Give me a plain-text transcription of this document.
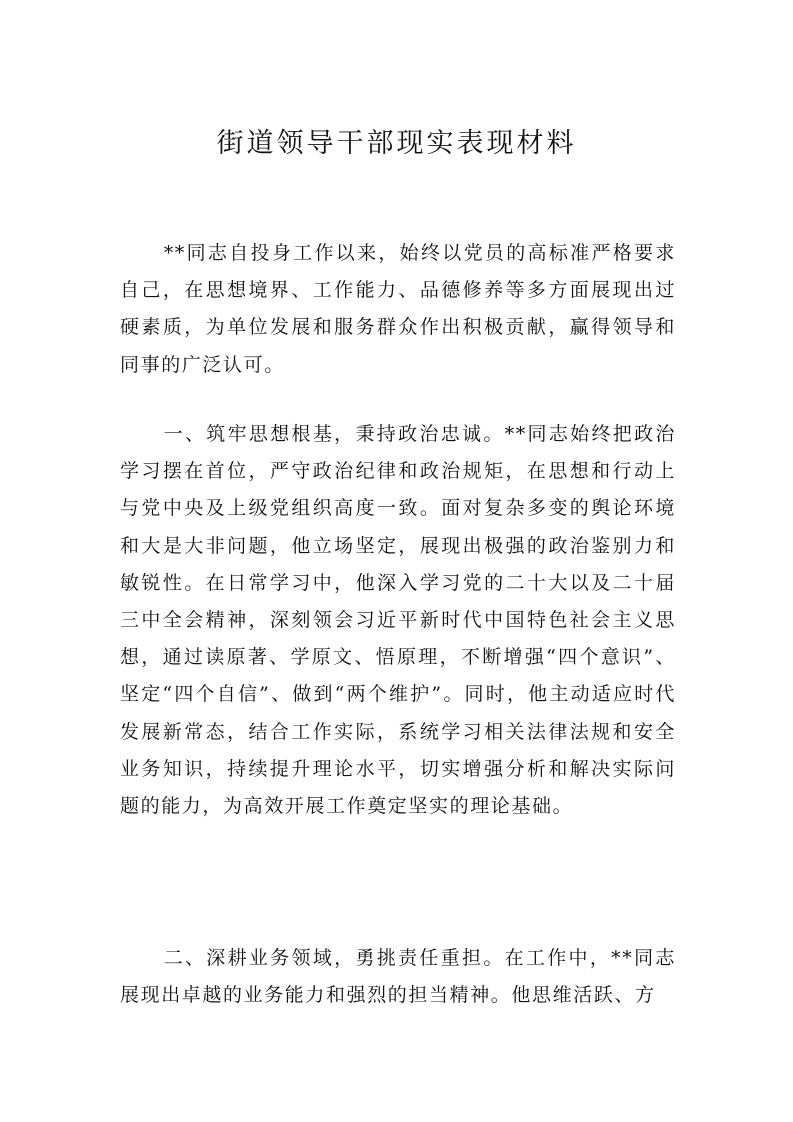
街道领导干部现实表现材料

**同志自投身工作以来，始终以党员的高标准严格要求自己，在思想境界、工作能力、品德修养等多方面展现出过硬素质，为单位发展和服务群众作出积极贡献，赢得领导和同事的广泛认可。

一、筑牢思想根基，秉持政治忠诚。**同志始终把政治学习摆在首位，严守政治纪律和政治规矩，在思想和行动上与党中央及上级党组织高度一致。面对复杂多变的舆论环境和大是大非问题，他立场坚定，展现出极强的政治鉴别力和敏锐性。在日常学习中，他深入学习党的二十大以及二十届三中全会精神，深刻领会习近平新时代中国特色社会主义思想，通过读原著、学原文、悟原理，不断增强“四个意识”、坚定“四个自信”、做到“两个维护”。同时，他主动适应时代发展新常态，结合工作实际，系统学习相关法律法规和安全业务知识，持续提升理论水平，切实增强分析和解决实际问题的能力，为高效开展工作奠定坚实的理论基础。

二、深耕业务领域，勇挑责任重担。在工作中，**同志展现出卓越的业务能力和强烈的担当精神。他思维活跃、方
